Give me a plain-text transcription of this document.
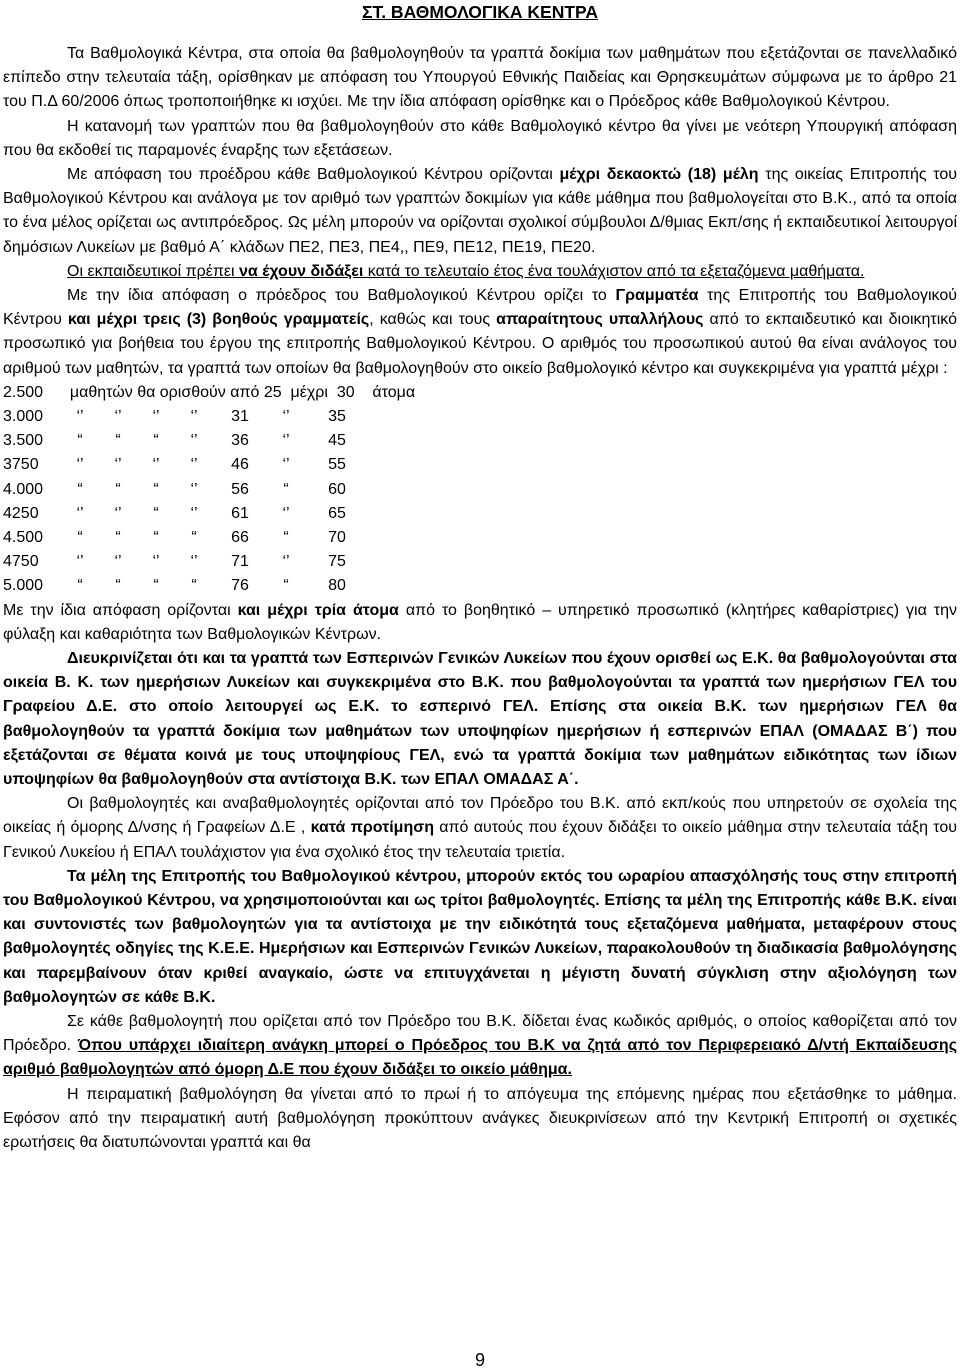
ΣΤ. ΒΑΘΜΟΛΟΓΙΚΑ ΚΕΝΤΡΑ

Τα Βαθμολογικά Κέντρα, στα οποία θα βαθμολογηθούν τα γραπτά δοκίμια των μαθημάτων που εξετάζονται σε πανελλαδικό επίπεδο στην τελευταία τάξη, ορίσθηκαν με απόφαση του Υπουργού Εθνικής Παιδείας και Θρησκευμάτων σύμφωνα με το άρθρο 21 του Π.Δ 60/2006 όπως τροποποιήθηκε κι ισχύει. Με την ίδια απόφαση ορίσθηκε και ο Πρόεδρος κάθε Βαθμολογικού Κέντρου.

Η κατανομή των γραπτών που θα βαθμολογηθούν στο κάθε Βαθμολογικό κέντρο θα γίνει με νεότερη Υπουργική απόφαση που θα εκδοθεί τις παραμονές έναρξης των εξετάσεων.

Με απόφαση του προέδρου κάθε Βαθμολογικού Κέντρου ορίζονται μέχρι δεκαοκτώ (18) μέλη της οικείας Επιτροπής του Βαθμολογικού Κέντρου και ανάλογα με τον αριθμό των γραπτών δοκιμίων για κάθε μάθημα που βαθμολογείται στο Β.Κ., από τα οποία το ένα μέλος ορίζεται ως αντιπρόεδρος. Ως μέλη μπορούν να ορίζονται σχολικοί σύμβουλοι Δ/θμιας Εκπ/σης ή εκπαιδευτικοί λειτουργοί δημόσιων Λυκείων με βαθμό Α΄ κλάδων ΠΕ2, ΠΕ3, ΠΕ4,, ΠΕ9, ΠΕ12, ΠΕ19, ΠΕ20.

Οι εκπαιδευτικοί πρέπει να έχουν διδάξει κατά το τελευταίο έτος ένα τουλάχιστον από τα εξεταζόμενα μαθήματα.

Με την ίδια απόφαση ο πρόεδρος του Βαθμολογικού Κέντρου ορίζει το Γραμματέα της Επιτροπής του Βαθμολογικού Κέντρου και μέχρι τρεις (3) βοηθούς γραμματείς, καθώς και τους απαραίτητους υπαλλήλους από το εκπαιδευτικό και διοικητικό προσωπικό για βοήθεια του έργου της επιτροπής Βαθμολογικού Κέντρου. Ο αριθμός του προσωπικού αυτού θα είναι ανάλογος του αριθμού των μαθητών, τα γραπτά των οποίων θα βαθμολογηθούν στο οικείο βαθμολογικό κέντρο και συγκεκριμένα για γραπτά μέχρι :

2.500	μαθητών θα ορισθούν από 25  μέχρι  30    άτομα
3.000	‘’	‘’	‘’	‘’	31	‘’	35
3.500	“	“	“	‘’	36	‘’	45
3750	‘’	‘’	‘’	‘’	46	‘’	55
4.000	“	“	“	‘’	56	“	60
4250	‘’	‘’	“	‘’	61	‘’	65
4.500	“	“	“	“	66	“	70
4750	‘’	‘’	‘’	‘’	71	‘’	75
5.000	“	“	“	“	76	“	80

Με την ίδια απόφαση ορίζονται και μέχρι τρία άτομα από το βοηθητικό – υπηρετικό προσωπικό (κλητήρες καθαρίστριες) για την φύλαξη και καθαριότητα των Βαθμολογικών Κέντρων.

Διευκρινίζεται ότι και τα γραπτά των Εσπερινών Γενικών Λυκείων που έχουν ορισθεί ως Ε.Κ. θα βαθμολογούνται στα οικεία Β. Κ. των ημερήσιων Λυκείων και συγκεκριμένα στο Β.Κ. που βαθμολογούνται τα γραπτά των ημερήσιων ΓΕΛ του Γραφείου Δ.Ε. στο οποίο λειτουργεί ως Ε.Κ. το εσπερινό ΓΕΛ. Επίσης στα οικεία Β.Κ. των ημερήσιων ΓΕΛ θα βαθμολογηθούν τα γραπτά δοκίμια των μαθημάτων των υποψηφίων ημερήσιων ή εσπερινών ΕΠΑΛ (ΟΜΑΔΑΣ Β΄) που εξετάζονται σε θέματα κοινά με τους υποψηφίους ΓΕΛ, ενώ τα γραπτά δοκίμια των μαθημάτων ειδικότητας των ίδιων υποψηφίων θα βαθμολογηθούν στα αντίστοιχα Β.Κ. των ΕΠΑΛ ΟΜΑΔΑΣ Α΄.

Οι βαθμολογητές και αναβαθμολογητές ορίζονται από τον Πρόεδρο του Β.Κ. από εκπ/κούς που υπηρετούν σε σχολεία της οικείας ή όμορης Δ/νσης ή Γραφείων Δ.Ε , κατά προτίμηση από αυτούς που έχουν διδάξει το οικείο μάθημα στην τελευταία τάξη του Γενικού Λυκείου ή ΕΠΑΛ τουλάχιστον για ένα σχολικό έτος την τελευταία τριετία.

Τα μέλη της Επιτροπής του Βαθμολογικού κέντρου, μπορούν εκτός του ωραρίου απασχόλησής τους στην επιτροπή του Βαθμολογικού Κέντρου, να χρησιμοποιούνται και ως τρίτοι βαθμολογητές. Επίσης τα μέλη της Επιτροπής κάθε Β.Κ. είναι και συντονιστές των βαθμολογητών για τα αντίστοιχα με την ειδικότητά τους εξεταζόμενα μαθήματα, μεταφέρουν στους βαθμολογητές οδηγίες της Κ.Ε.Ε. Ημερήσιων και Εσπερινών Γενικών Λυκείων, παρακολουθούν τη διαδικασία βαθμολόγησης και παρεμβαίνουν όταν κριθεί αναγκαίο, ώστε να επιτυγχάνεται η μέγιστη δυνατή σύγκλιση στην αξιολόγηση των βαθμολογητών σε κάθε Β.Κ.

Σε κάθε βαθμολογητή που ορίζεται από τον Πρόεδρο του Β.Κ. δίδεται ένας κωδικός αριθμός, ο οποίος καθορίζεται από τον Πρόεδρο. Όπου υπάρχει ιδιαίτερη ανάγκη μπορεί ο Πρόεδρος του Β.Κ να ζητά από τον Περιφερειακό Δ/ντή Εκπαίδευσης αριθμό βαθμολογητών από όμορη Δ.Ε που έχουν διδάξει το οικείο μάθημα.

Η πειραματική βαθμολόγηση θα γίνεται από το πρωί ή το απόγευμα της επόμενης ημέρας που εξετάσθηκε το μάθημα. Εφόσον από την πειραματική αυτή βαθμολόγηση προκύπτουν ανάγκες διευκρινίσεων από την Κεντρική Επιτροπή οι σχετικές ερωτήσεις θα διατυπώνονται γραπτά και θα

9
